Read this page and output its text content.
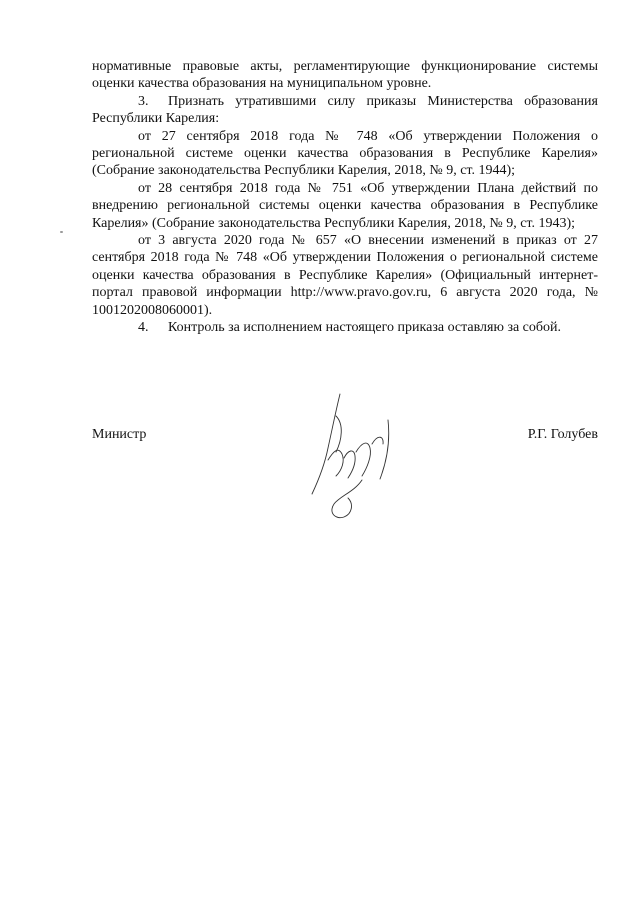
нормативные правовые акты, регламентирующие функционирование системы оценки качества образования на муниципальном уровне.

3. Признать утратившими силу приказы Министерства образования Республики Карелия:

от 27 сентября 2018 года № 748 «Об утверждении Положения о региональной системе оценки качества образования в Республике Карелия» (Собрание законодательства Республики Карелия, 2018, № 9, ст. 1944);

от 28 сентября 2018 года № 751 «Об утверждении Плана действий по внедрению региональной системы оценки качества образования в Республике Карелия» (Собрание законодательства Республики Карелия, 2018, № 9, ст. 1943);

от 3 августа 2020 года № 657 «О внесении изменений в приказ от 27 сентября 2018 года № 748 «Об утверждении Положения о региональной системе оценки качества образования в Республике Карелия» (Официальный интернет-портал правовой информации http://www.pravo.gov.ru, 6 августа 2020 года, № 1001202008060001).

4. Контроль за исполнением настоящего приказа оставляю за собой.

Министр	Р.Г. Голубев
